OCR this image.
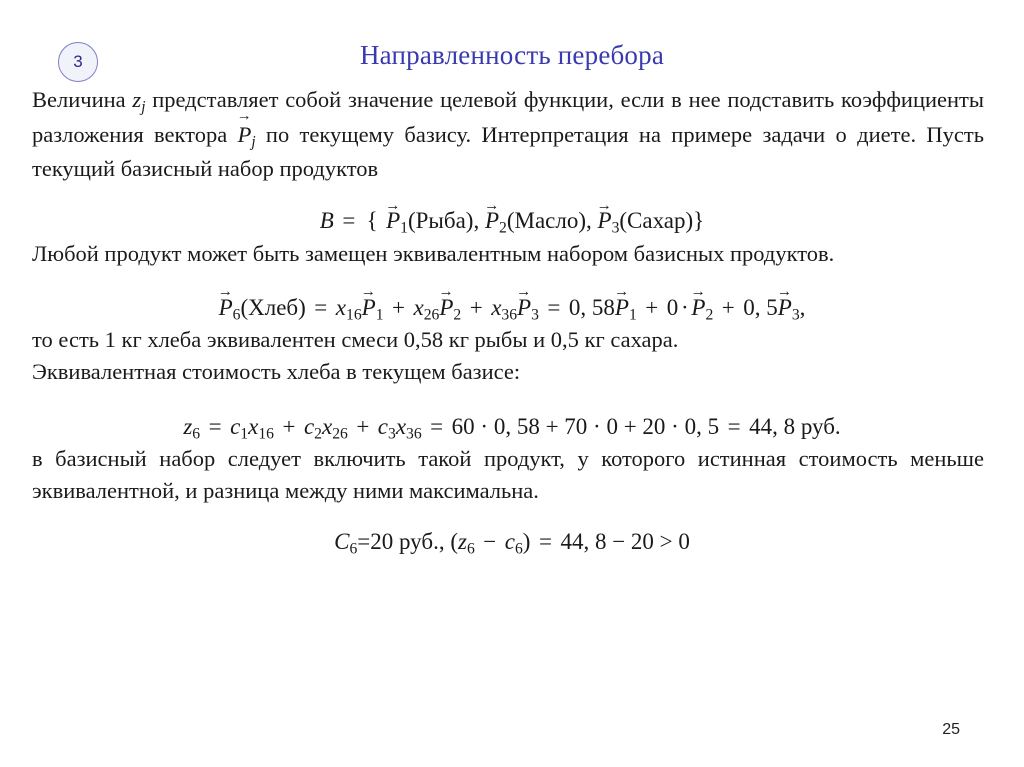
3	Направленность перебора

Величина $z_j$ представляет собой значение целевой функции, если в нее подставить коэффициенты разложения вектора → $P_j$ по текущему базису. Интерпретация на примере задачи о диете. Пусть текущий базисный набор продуктов

B = { → P1(Рыба), → P2(Масло), → P3(Сахар)}

Любой продукт может быть замещен эквивалентным набором базисных продуктов.

→ P6(Хлеб) = x16→ P1 + x26→ P2 + x36→ P3 = 0, 58→ P1 + 0 · → P2 + 0, 5→ P3,

то есть 1 кг хлеба эквивалентен смеси 0,58 кг рыбы и 0,5 кг сахара.

Эквивалентная стоимость хлеба в текущем базисе:

z6 = c1x16 + c2x26 + c3x36 = 60 · 0, 58 + 70 · 0 + 20 · 0, 5 = 44, 8 руб.

в базисный набор следует включить такой продукт, у которого истинная стоимость меньше эквивалентной, и разница между ними максимальна.

C6=20 руб., (z6 − c6) = 44, 8 − 20 > 0

25
